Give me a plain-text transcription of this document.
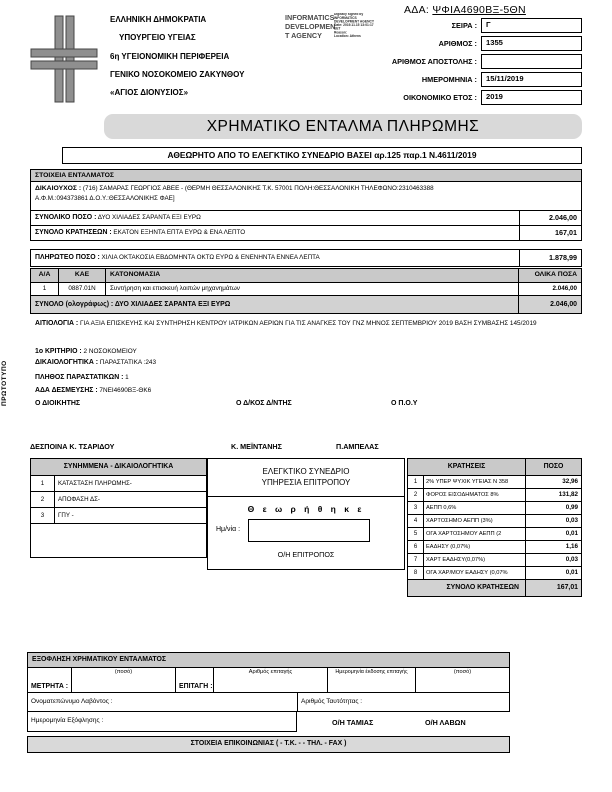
ΕΛΛΗΝΙΚΗ ΔΗΜΟΚΡΑΤΙΑ
ΥΠΟΥΡΓΕΙΟ ΥΓΕΙΑΣ
6η ΥΓΕΙΟΝΟΜΙΚΗ ΠΕΡΙΦΕΡΕΙΑ
ΓΕΝΙΚΟ ΝΟΣΟΚΟΜΕΙΟ ΖΑΚΥΝΘΟΥ
«ΑΓΙΟΣ ΔΙΟΝΥΣΙΟΣ»
INFORMATICS
DEVELOPMEN
T AGENCY
Digitally signed by
INFORMATICS
DEVELOPMENT AGENCY
Date: 2019.11.15 13:01:17
EET
Reason:
Location: Athens
ΑΔΑ: ΨΦΙΑ4690ΒΞ-5ΘΝ
ΣΕΙΡΑ :	Γ
ΑΡΙΘΜΟΣ :	1355
ΑΡΙΘΜΟΣ ΑΠΟΣΤΟΛΗΣ :
ΗΜΕΡΟΜΗΝΙΑ :	15/11/2019
ΟΙΚΟΝΟΜΙΚΟ ΕΤΟΣ :	2019
ΧΡΗΜΑΤΙΚΟ ΕΝΤΑΛΜΑ ΠΛΗΡΩΜΗΣ
ΑΘΕΩΡΗΤΟ ΑΠΟ ΤΟ ΕΛΕΓΚΤΙΚΟ ΣΥΝΕΔΡΙΟ ΒΑΣΕΙ αρ.125 παρ.1 Ν.4611/2019
ΣΤΟΙΧΕΙΑ ΕΝΤΑΛΜΑΤΟΣ
ΔΙΚΑΙΟΥΧΟΣ : (716) ΣΑΜΑΡΑΣ ΓΕΩΡΓΙΟΣ ΑΒΕΕ - (ΘΕΡΜΗ ΘΕΣΣΑΛΟΝΙΚΗΣ Τ.Κ. 57001 ΠΟΛΗ:ΘΕΣΣΑΛΟΝΙΚΗ ΤΗΛΕΦΩΝΟ:2310463388
Α.Φ.Μ.:094373861 Δ.Ο.Υ.:ΘΕΣΣΑΛΟΝΙΚΗΣ ΦΑΕ]
ΣΥΝΟΛΙΚΟ ΠΟΣΟ : ΔΥΟ ΧΙΛΙΑΔΕΣ ΣΑΡΑΝΤΑ ΕΞΙ ΕΥΡΩ	2.046,00
ΣΥΝΟΛΟ ΚΡΑΤΗΣΕΩΝ : ΕΚΑΤΟΝ ΕΞΗΝΤΑ ΕΠΤΑ ΕΥΡΩ & ΕΝΑ ΛΕΠΤΟ	167,01
ΠΛΗΡΩΤΕΟ ΠΟΣΟ : ΧΙΛΙΑ ΟΚΤΑΚΟΣΙΑ ΕΒΔΟΜΗΝΤΑ ΟΚΤΩ ΕΥΡΩ & ΕΝΕΝΗΝΤΑ ΕΝΝΕΑ ΛΕΠΤΑ	1.878,99
Α/Α	ΚΑΕ	ΚΑΤΟΝΟΜΑΣΙΑ	ΟΛΙΚΑ ΠΟΣΑ
1	0887.01Ν	Συντήρηση και επισκευή λοιπών μηχανημάτων	2.046,00
ΣΥΝΟΛΟ (ολογράφως) : ΔΥΟ ΧΙΛΙΑΔΕΣ ΣΑΡΑΝΤΑ ΕΞΙ ΕΥΡΩ	2.046,00
ΑΙΤΙΟΛΟΓΙΑ : ΓΙΑ ΑΞΙΑ ΕΠΙΣΚΕΥΗΣ ΚΑΙ ΣΥΝΤΗΡΗΣΗ ΚΕΝΤΡΟΥ ΙΑΤΡΙΚΩΝ ΑΕΡΙΩΝ ΓΙΑ ΤΙΣ ΑΝΑΓΚΕΣ ΤΟΥ ΓΝΖ ΜΗΝΟΣ ΣΕΠΤΕΜΒΡΙΟΥ 2019 ΒΑΣΗ ΣΥΜΒΑΣΗΣ 145/2019
1ο ΚΡΙΤΗΡΙΟ : 2 ΝΟΣΟΚΟΜΕΙΟΥ
ΔΙΚΑΙΟΛΟΓΗΤΙΚΑ : ΠΑΡΑΣΤΑΤΙΚΑ :243
ΠΛΗΘΟΣ ΠΑΡΑΣΤΑΤΙΚΩΝ : 1
ΑΔΑ ΔΕΣΜΕΥΣΗΣ : 7ΝΕΙ4690ΒΞ-ΘΚ6
ΠΡΩΤΟΤΥΠΟ	Ο ΔΙΟΙΚΗΤΗΣ	Ο Δ/ΚΟΣ Δ/ΝΤΗΣ	Ο Π.Ο.Υ
ΔΕΣΠΟΙΝΑ Κ. ΤΣΑΡΙΔΟΥ	Κ. ΜΕΪΝΤΑΝΗΣ	Π.ΑΜΠΕΛΑΣ
ΣΥΝΗΜΜΕΝΑ - ΔΙΚΑΙΟΛΟΓΗΤΙΚΑ
1	ΚΑΤΑΣΤΑΣΗ ΠΛΗΡΩΜΗΣ-
2	ΑΠΟΦΑΣΗ ΔΣ-
3	ΓΠΥ -
ΕΛΕΓΚΤΙΚΟ ΣΥΝΕΔΡΙΟ
ΥΠΗΡΕΣΙΑ ΕΠΙΤΡΟΠΟΥ
Θ ε ω ρ ή θ η κ ε
Ημ/νία :
Ο/Η ΕΠΙΤΡΟΠΟΣ
ΚΡΑΤΗΣΕΙΣ	ΠΟΣΟ
1	2% ΥΠΕΡ ΨΥΧΙΚ ΥΓΕΙΑΣ Ν 358	32,96
2	ΦΟΡΟΣ ΕΙΣΟΔΗΜΑΤΟΣ 8%	131,82
3	ΑΕΠΠ 0,6%	0,99
4	ΧΑΡΤΟΣΗΜΟ ΑΕΠΠ (3%)	0,03
5	ΟΓΑ ΧΑΡΤΟΣΗΜΟΥ ΑΕΠΠ (2	0,01
6	ΕΑΔΗΣΥ (0,07%)	1,16
7	ΧΑΡΤ ΕΑΔΗΣΥ(0,07%)	0,03
8	ΟΓΑ ΧΑΡ/ΜΟΥ ΕΑΔΗΣΥ (0,07%	0,01
ΣΥΝΟΛΟ ΚΡΑΤΗΣΕΩΝ	167,01
ΕΞΟΦΛΗΣΗ ΧΡΗΜΑΤΙΚΟΥ ΕΝΤΑΛΜΑΤΟΣ
ΜΕΤΡΗΤΑ :
(ποσό)
ΕΠΙΤΑΓΗ :
Αριθμός επιταγής	Ημερομηνία έκδοσης επιταγής	(ποσό)
Ονοματεπώνυμο Λαβόντος :	Αριθμός Ταυτότητας :
Ημερομηνία Εξόφλησης :	Ο/Η ΤΑΜΙΑΣ	Ο/Η ΛΑΒΩΝ
ΣΤΟΙΧΕΙΑ ΕΠΙΚΟΙΝΩΝΙΑΣ ( - Τ.Κ. - - ΤΗΛ. - FAX )
